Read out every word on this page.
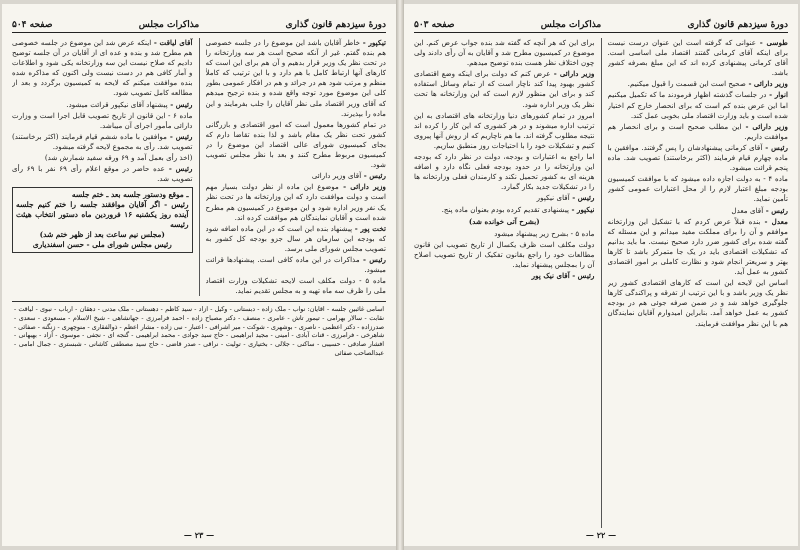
دورهٔ سیزدهم قانون گذاری
مذاکرات مجلس
صفحه ۵۰۴
تیکپور - خاطر آقایان باشد این موضوع را در جلسه خصوصی هم بنده گفتم. غیر از آنکه صحیح است هر سه وزارتخانه را در تحت نظر یک وزیر قرار بدهیم و آن هم برای این است که کارهای آنها ارتباط کامل با هم دارد و با این ترتیب که کاملاً منظم و مرتب شود هم در جرائد و هم در افکار عمومی بطور کلی این موضوع مورد توجه واقع شده و بنده ترجیح میدهم که آقای وزیر اقتصاد ملی نظر آقایان را جلب بفرمایند و این ماده را بپذیرند.
در تمام کشورها معمول است که امور اقتصادی و بازرگانی کشور تحت نظر یک مقام باشد و لذا بنده تقاضا دارم که بجای کمیسیون شورای عالی اقتصاد این موضوع را در کمیسیون مربوط مطرح کنند و بعد با نظر مجلس تصویب شود.
رئیس - آقای وزیر دارائی
وزیر دارائی - موضوع این ماده از نظر دولت بسیار مهم است و دولت موافقت دارد که این وزارتخانه ها در تحت نظر یک نفر وزیر اداره شود و این موضوع در کمیسیون هم مطرح شده است و آقایان نمایندگان هم موافقت کرده اند.
تخت پور - پیشنهاد بنده این است که در این ماده اضافه شود که بودجه این سازمان هر سال جزو بودجه کل کشور به تصویب مجلس شورای ملی برسد.
رئیس - مذاکرات در این ماده کافی است. پیشنهادها قرائت میشود.
ماده ۵ - دولت مکلف است لایحه تشکیلات وزارت اقتصاد ملی را ظرف سه ماه تهیه و به مجلس تقدیم نماید.
آقای لیاقت - اینکه عرض شد این موضوع در جلسه خصوصی هم مطرح شد و بنده و عده ای از آقایان در آن جلسه توضیح دادیم که صلاح نیست این سه وزارتخانه یکی شود و اطلاعات و آمار کافی هم در دست نیست ولی اکنون که مذاکره شده بنده موافقت میکنم که لایحه به کمیسیون برگردد و بعد از مطالعه کامل تصویب شود.
رئیس - پیشنهاد آقای نیکپور قرائت میشود.
ماده ۶ - این قانون از تاریخ تصویب قابل اجرا است و وزارت دارائی مأمور اجرای آن میباشد.
رئیس - موافقین با ماده ششم قیام فرمایند (اکثر برخاستند) تصویب شد. رأی به مجموع لایحه گرفته میشود.
(اخذ رأی بعمل آمد و ۶۹ ورقه سفید شمارش شد)
رئیس - عده حاضر در موقع اعلام رأی ۶۹ نفر با ۶۹ رأی تصویب شد.
ـ موقع ودستور جلسه بعد ـ ختم جلسه
رئیس - اگر آقایان موافقند جلسه را ختم کنیم جلسه آینده روز یکشنبه ۱۶ فروردین ماه دستور انتخاب هیئت رئیسه
(مجلس نیم ساعت بعد از ظهر ختم شد)
رئیس مجلس شورای ملی - حسن اسفندیاری
اسامی غائبین جلسه - آقایان: نواب - ملک زاده - دبستانی - وکیل - آزاد - سید کاظم - دهستانی - ملک مدنی - دهقان - ارباب - نبوی - لیاقت - نقابت - سالار بهرامی - تیمور تاش - عامری - منصف - دکتر مصباح زاده - احمد فرامرزی - جهانشاهی - شیخ الاسلام - مسعودی - سعدی - صدرزاده - دکتر اعظمی - ناصری - بوشهری - شوکت - میر اشرافی - اعتبار - نبی زاده - مشار اعظم - ذوالفقاری - منوچهری - زنگنه - صفائی - شاهرخی - فرامرزی - قنات آبادی - امینی - مجید ابراهیمی - حاج سید جوادی - محمد ابراهیمی - گنجه ای - نجفی - موسوی - آزاد - بهبهانی - افشار صادقی - حسیبی - ساکنی - جلالی - بختیاری - تولیت - نراقی - صدر قاضی - حاج سید مصطفی کاشانی - شبستری - جمال امامی - عبدالصاحب صفائی
— ۲۳ —
دورهٔ سیزدهم قانون گذاری
مذاکرات مجلس
صفحه ۵۰۳
طوسی - عنوانی که گرفته است این عنوان درست نیست برای اینکه آقای کرمانی گفتند اقتصاد ملی اساسی است. آقای کرمانی پیشنهادی کرده اند که این مبلغ بصرفه کشور باشد.
وزیر دارائی - صحیح است این قسمت را قبول میکنیم.
انوار - در جلسات گذشته اظهار فرمودند ما که تکمیل میکنیم اما این عرض بنده کم است که برای انحصار خارج کم اختیار شده است و باید وزارت اقتصاد ملی بخوبی عمل کند.
وزیر دارائی - این مطلب صحیح است و برای انحصار هم موافقت داریم.
رئیس - آقای کرمانی پیشنهادشان را پس گرفتند. موافقین با ماده چهارم قیام فرمایند (اکثر برخاستند) تصویب شد. ماده پنجم قرائت میشود.
ماده ۴ - به دولت اجازه داده میشود که با موافقت کمیسیون بودجه مبلغ اعتبار لازم را از محل اعتبارات عمومی کشور تأمین نماید.
رئیس - آقای معدل
معدل - بنده قبلاً عرض کردم که با تشکیل این وزارتخانه موافقم و آن را برای مملکت مفید میدانم و این مسئله که گفته شده برای کشور ضرر دارد صحیح نیست. ما باید بدانیم که تشکیلات اقتصادی باید در یک جا متمرکز باشد تا کارها بهتر و سریعتر انجام شود و نظارت کاملی بر امور اقتصادی کشور به عمل آید.
اساس این لایحه این است که کارهای اقتصادی کشور زیر نظر یک وزیر باشد و با این ترتیب از تفرقه و پراکندگی کارها جلوگیری خواهد شد و در ضمن صرفه جوئی هم در بودجه کشور به عمل خواهد آمد. بنابراین امیدوارم آقایان نمایندگان هم با این نظر موافقت فرمایند.
برای این که هر آنچه که گفته شد بنده جواب عرض کنم. این موضوع در کمیسیون مطرح شد و آقایان به آن رأی دادند ولی چون اختلاف نظر هست بنده توضیح میدهم.
وزیر دارائی - عرض کنم که دولت برای اینکه وضع اقتصادی کشور بهبود پیدا کند ناچار است که از تمام وسائل استفاده کند و برای این منظور لازم است که این وزارتخانه ها تحت نظر یک وزیر اداره شود.
امروز در تمام کشورهای دنیا وزارتخانه های اقتصادی به این ترتیب اداره میشوند و در هر کشوری که این کار را کرده اند نتیجه مطلوب گرفته اند. ما هم ناچاریم که از روش آنها پیروی کنیم و تشکیلات خود را با احتیاجات روز منطبق سازیم.
اما راجع به اعتبارات و بودجه، دولت در نظر دارد که بودجه این وزارتخانه را در حدود بودجه فعلی نگاه دارد و اضافه هزینه ای به کشور تحمیل نکند و کارمندان فعلی وزارتخانه ها را در تشکیلات جدید بکار گمارد.
رئیس - آقای نیکپور
نیکپور - پیشنهادی تقدیم کرده بودم بعنوان ماده پنج.
(بشرح آتی خوانده شد)
ماده ۵ - بشرح زیر پیشنهاد میشود
دولت مکلف است ظرف یکسال از تاریخ تصویب این قانون مطالعات خود را راجع بقانون تفکیک از تاریخ تصویب اصلاح آن را بمجلس پیشنهاد نماید.
رئیس - آقای نیک پور
— ۲۲ —
